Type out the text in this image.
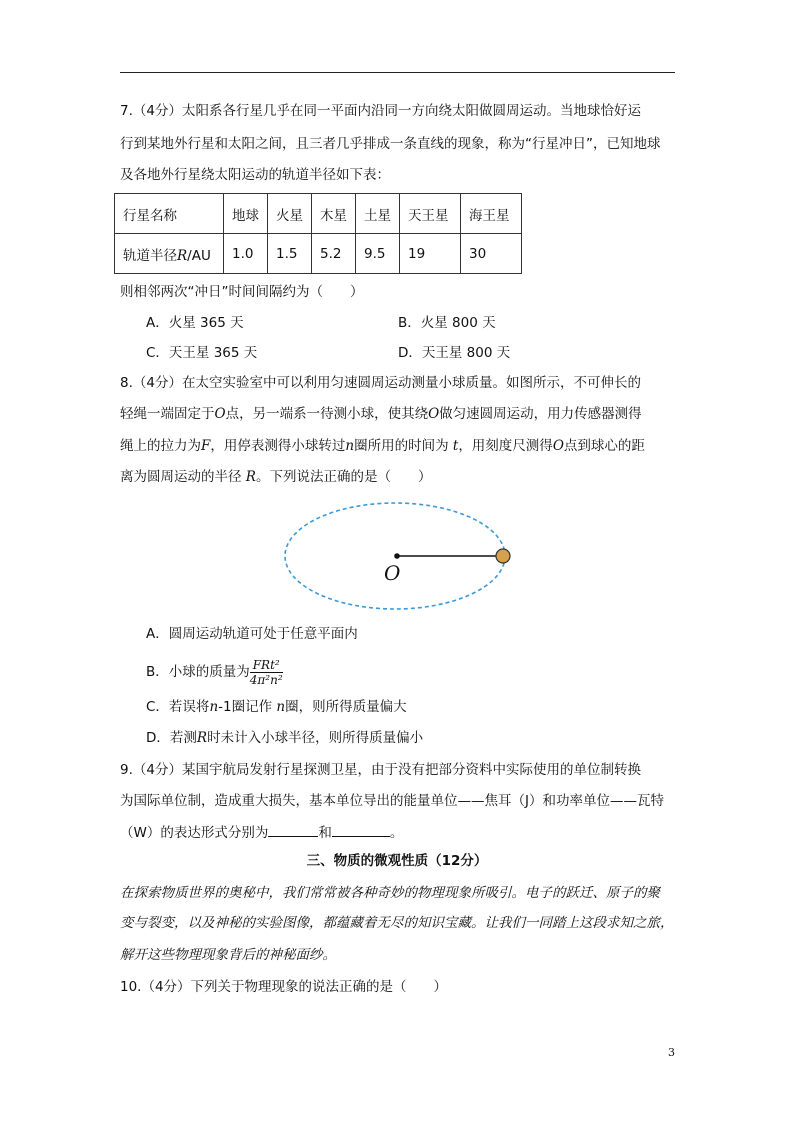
7.（4分）太阳系各行星几乎在同一平面内沿同一方向绕太阳做圆周运动。当地球恰好运
行到某地外行星和太阳之间，且三者几乎排成一条直线的现象，称为“行星冲日”，已知地球
及各地外行星绕太阳运动的轨道半径如下表：
行星名称	地球	火星	木星	土星	天王星	海王星
轨道半径R/AU	1.0	1.5	5.2	9.5	19	30
则相邻两次“冲日”时间间隔约为（　　）
A．火星 365 天	B．火星 800 天
C．天王星 365 天	D．天王星 800 天
8.（4分）在太空实验室中可以利用匀速圆周运动测量小球质量。如图所示，不可伸长的
轻绳一端固定于O点，另一端系一待测小球，使其绕O做匀速圆周运动，用力传感器测得
绳上的拉力为F，用停表测得小球转过n圈所用的时间为 t，用刻度尺测得O点到球心的距
离为圆周运动的半径 R。下列说法正确的是（　　）
O
A．圆周运动轨道可处于任意平面内
B．小球的质量为 $\frac{\text{FRt²}}{\text{4π²n²}}$
C．若误将n-1圈记作 n圈，则所得质量偏大
D．若测R时未计入小球半径，则所得质量偏小
9.（4分）某国宇航局发射行星探测卫星，由于没有把部分资料中实际使用的单位制转换
为国际单位制，造成重大损失，基本单位导出的能量单位——焦耳（J）和功率单位——瓦特
（W）的表达形式分别为	和	。
三、物质的微观性质（12分）
在探索物质世界的奥秘中，我们常常被各种奇妙的物理现象所吸引。电子的跃迁、原子的聚
变与裂变，以及神秘的实验图像，都蕴藏着无尽的知识宝藏。让我们一同踏上这段求知之旅，
解开这些物理现象背后的神秘面纱。
10.（4分）下列关于物理现象的说法正确的是（　　）
3
